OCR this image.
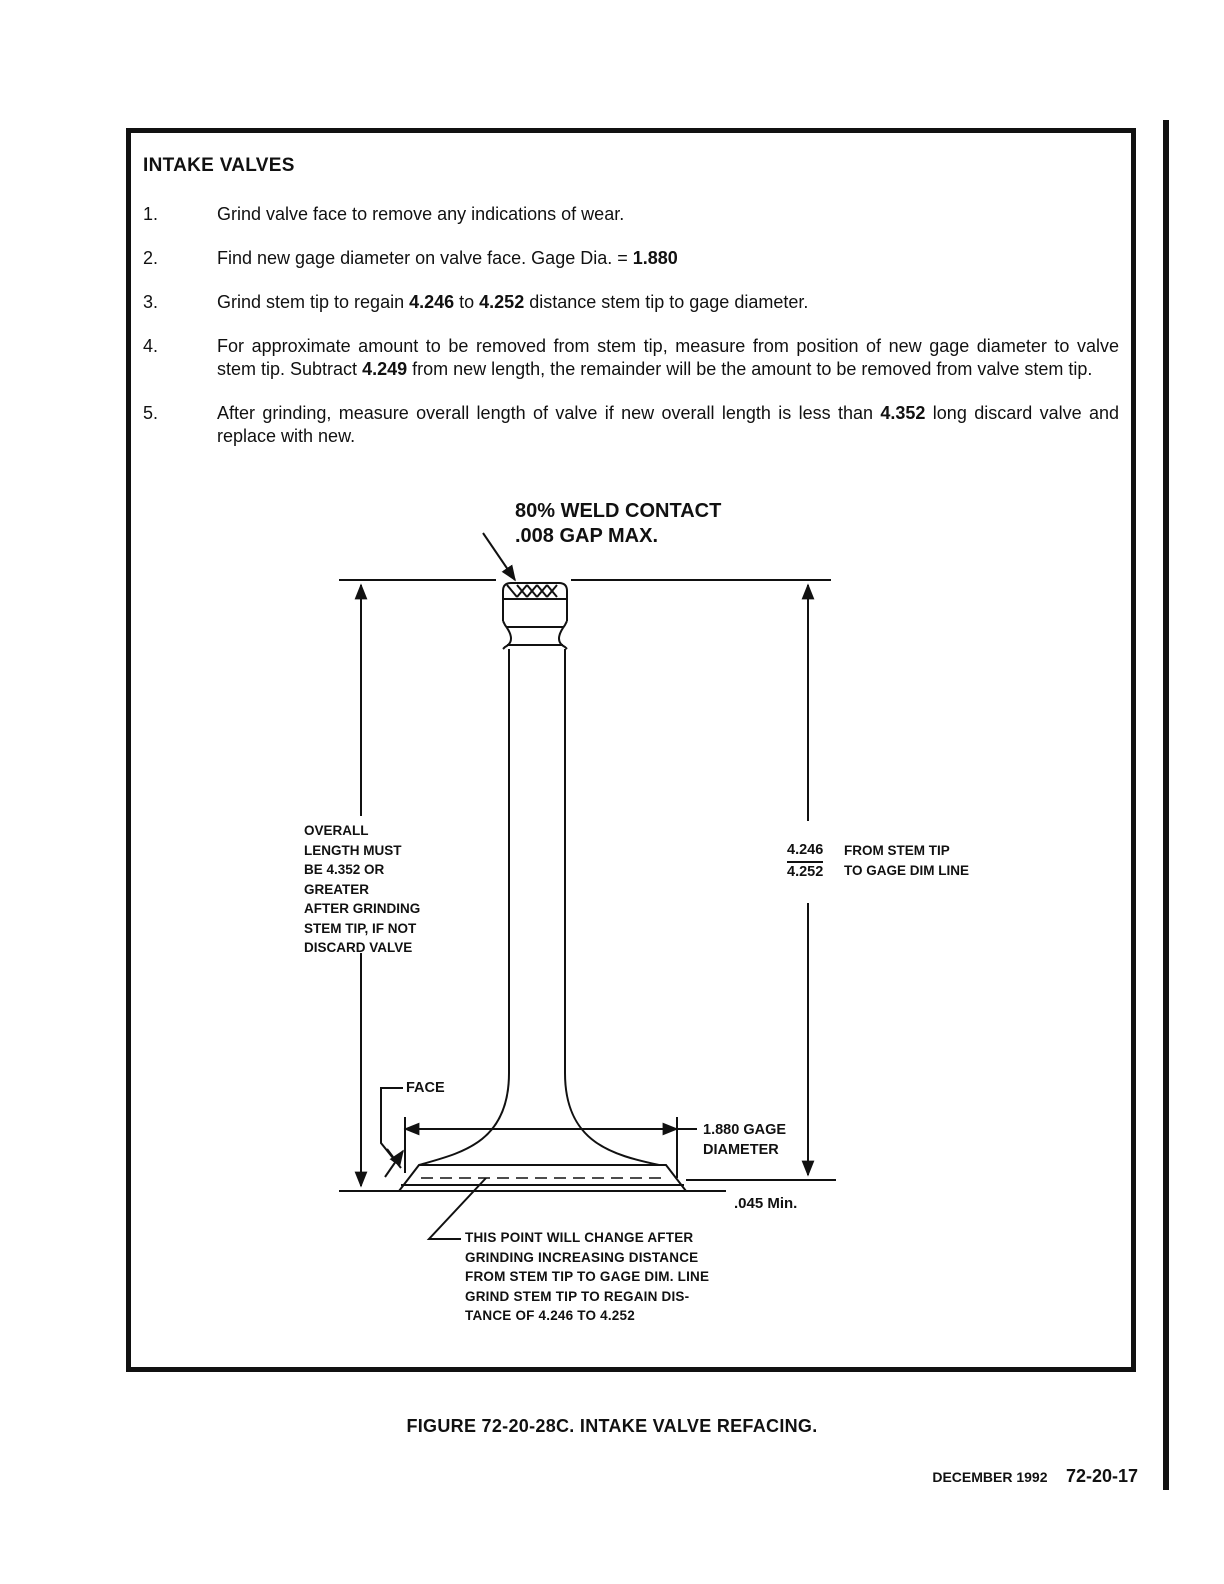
INTAKE VALVES
1.	Grind valve face to remove any indications of wear.
2.	Find new gage diameter on valve face. Gage Dia. = 1.880
3.	Grind stem tip to regain 4.246 to 4.252 distance stem tip to gage diameter.
4.	For approximate amount to be removed from stem tip, measure from position of new gage diameter to valve stem tip. Subtract 4.249 from new length, the remainder will be the amount to be removed from valve stem tip.
5.	After grinding, measure overall length of valve if new overall length is less than 4.352 long discard valve and replace with new.
80% WELD CONTACT
.008 GAP MAX.
OVERALL
LENGTH MUST
BE 4.352 OR
GREATER
AFTER GRINDING
STEM TIP, IF NOT
DISCARD VALVE
4.246
4.252
FROM STEM TIP
TO GAGE DIM LINE
FACE
1.880 GAGE
DIAMETER
.045 Min.
THIS POINT WILL CHANGE AFTER
GRINDING INCREASING DISTANCE
FROM STEM TIP TO GAGE DIM. LINE
GRIND STEM TIP TO REGAIN DIS-
TANCE OF 4.246 TO 4.252
FIGURE 72-20-28C. INTAKE VALVE REFACING.
DECEMBER 1992 72-20-17
